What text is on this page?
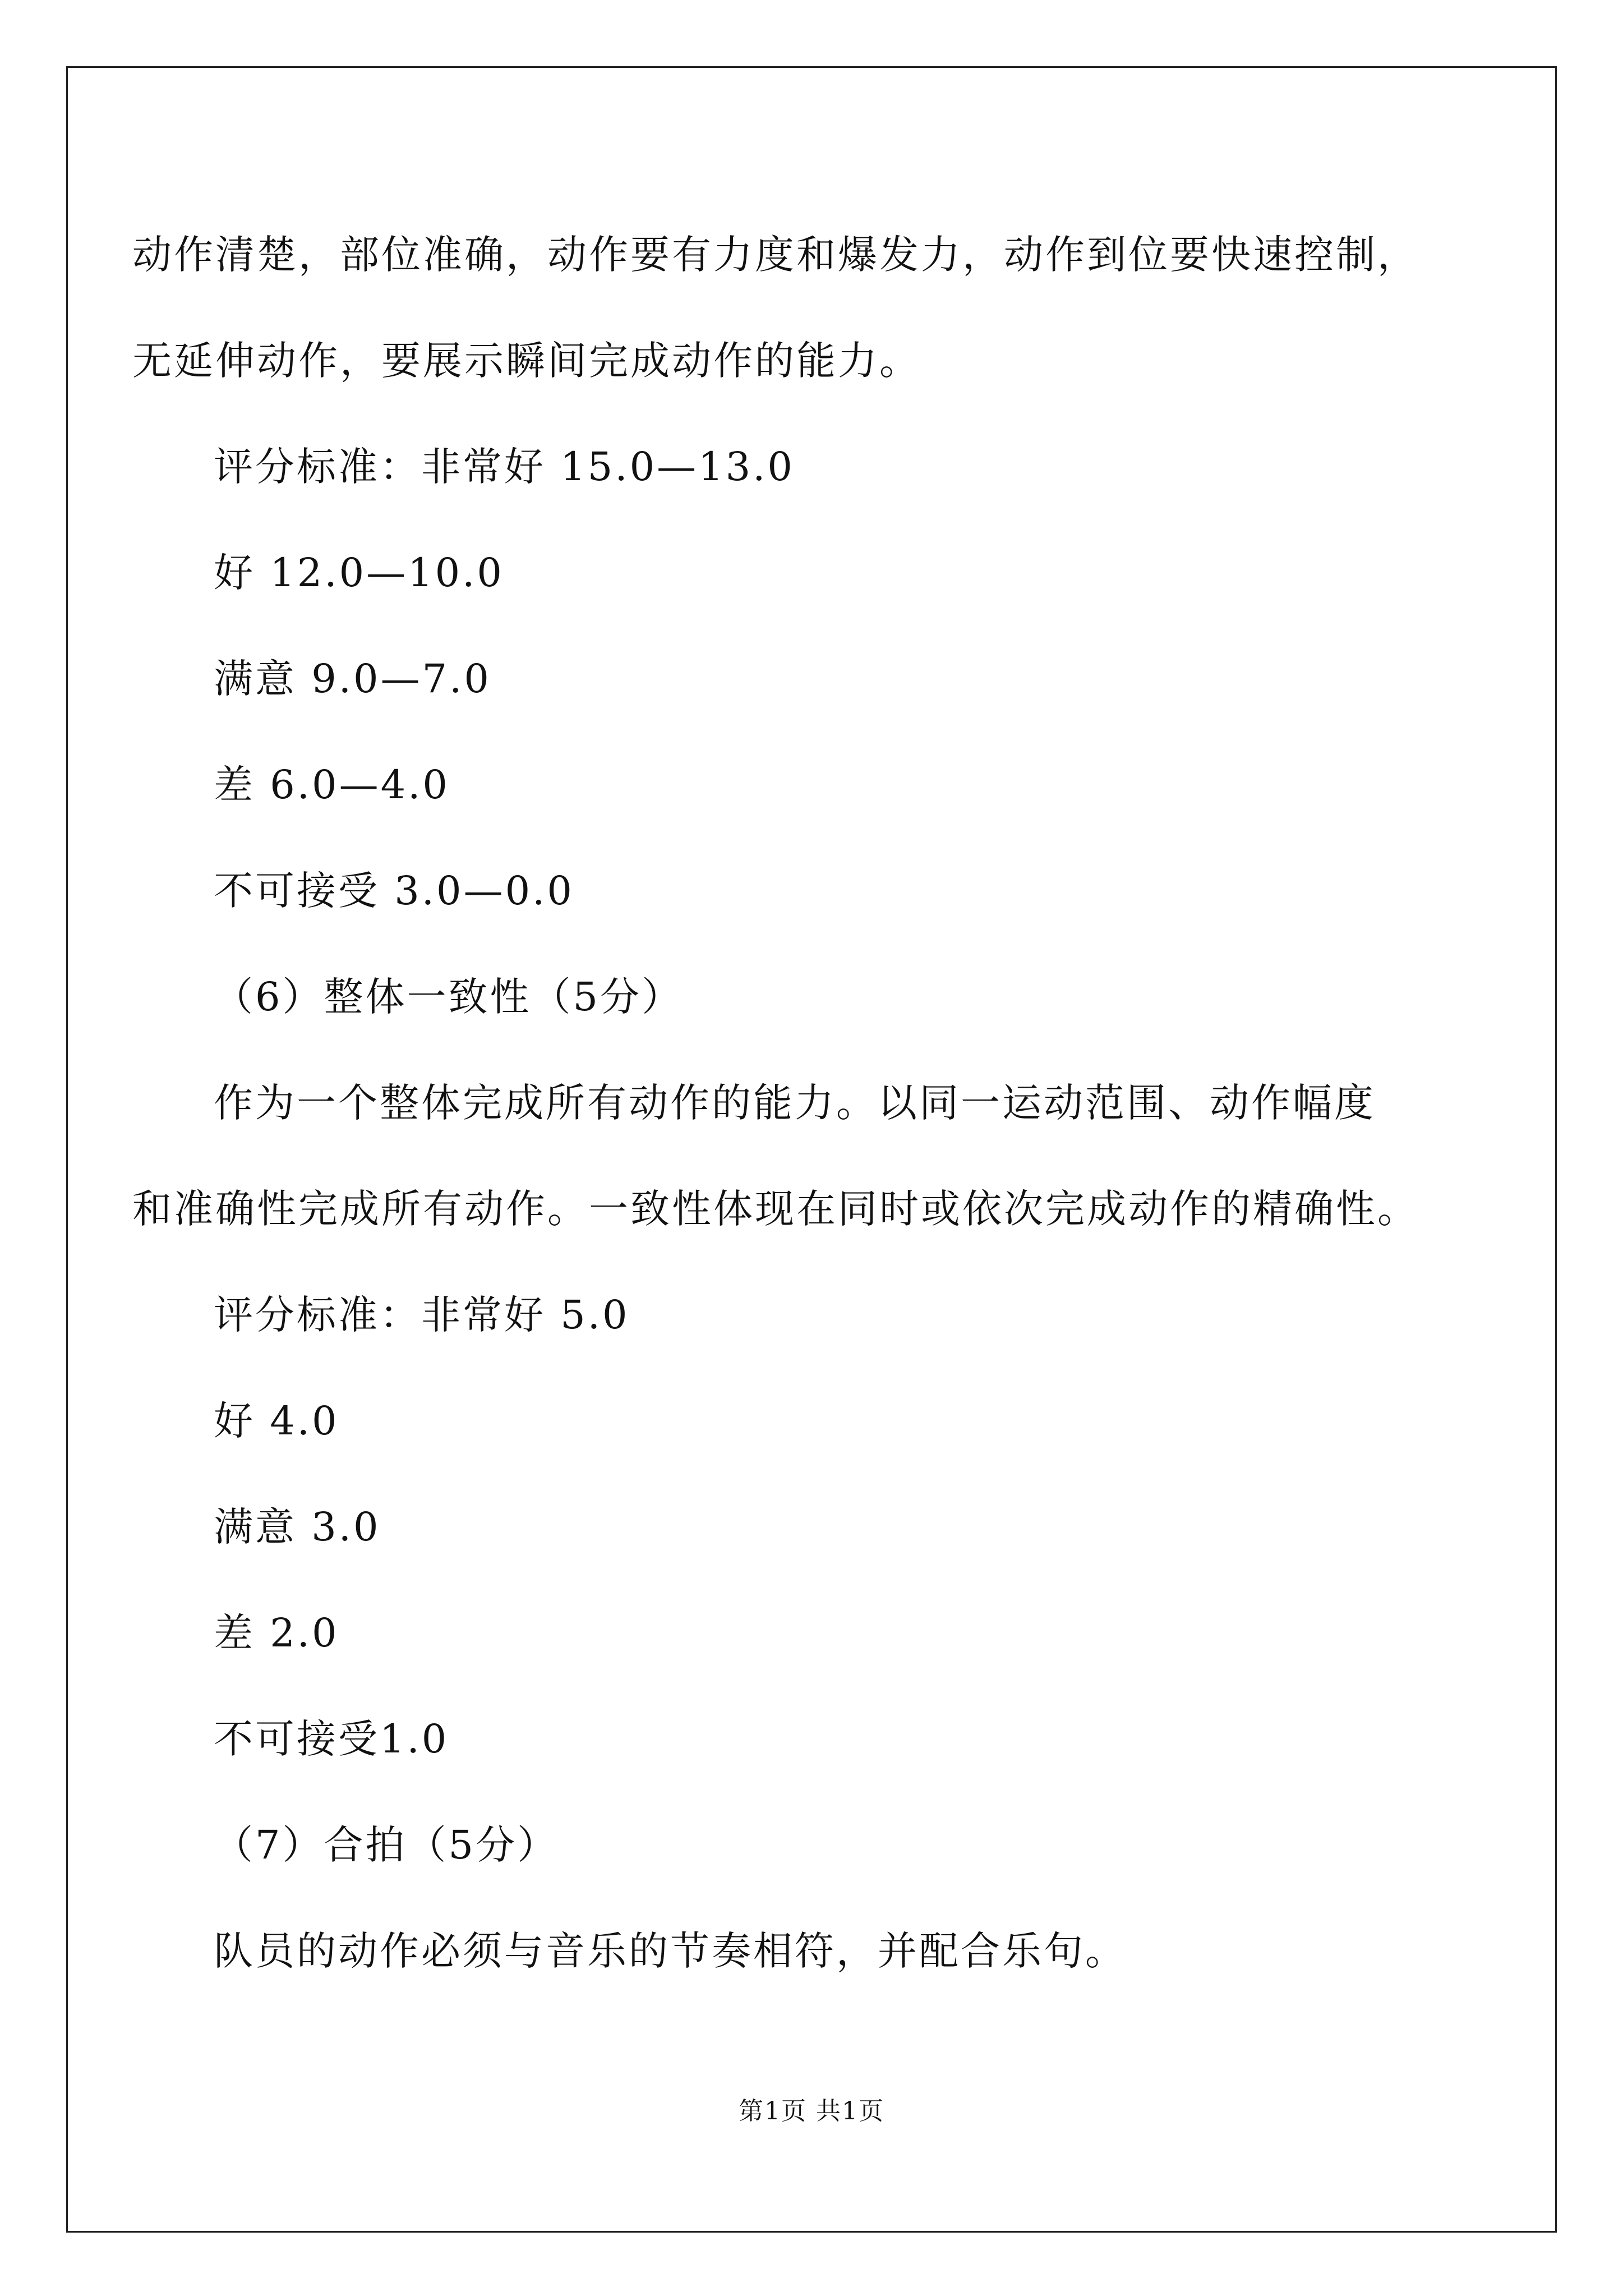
动作清楚，部位准确，动作要有力度和爆发力，动作到位要快速控制，
无延伸动作，要展示瞬间完成动作的能力。
评分标准：非常好 15.0—13.0
好 12.0—10.0
满意 9.0—7.0
差 6.0—4.0
不可接受 3.0—0.0
（6）整体一致性（5分）
作为一个整体完成所有动作的能力。以同一运动范围、动作幅度
和准确性完成所有动作。一致性体现在同时或依次完成动作的精确性。
评分标准：非常好 5.0
好 4.0
满意 3.0
差 2.0
不可接受1.0
（7）合拍（5分）
队员的动作必须与音乐的节奏相符，并配合乐句。
第1页 共1页
